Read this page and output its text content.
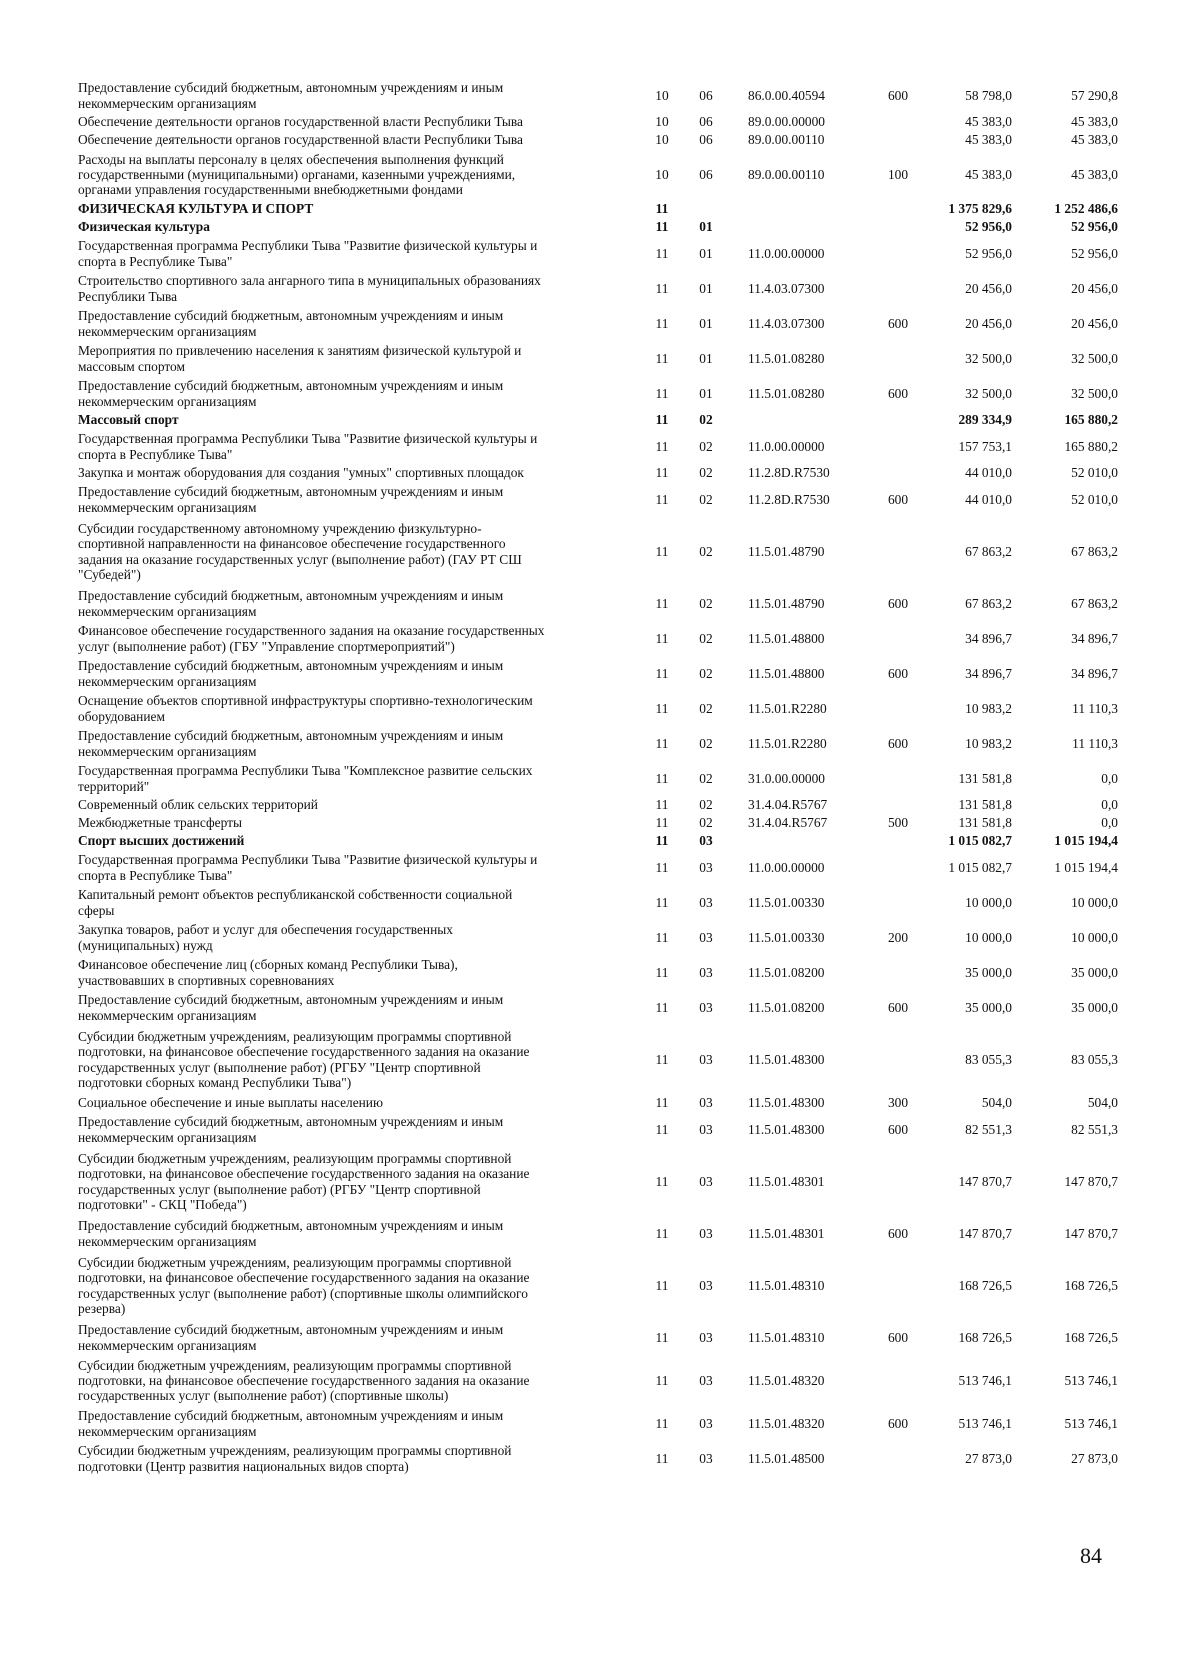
Предоставление субсидий бюджетным, автономным учреждениям и иным
некоммерческим организациям	10	06	86.0.00.40594	600	58 798,0	57 290,8
Обеспечение деятельности органов государственной власти Республики Тыва	10	06	89.0.00.00000		45 383,0	45 383,0
Обеспечение деятельности органов государственной власти Республики Тыва	10	06	89.0.00.00110		45 383,0	45 383,0
Расходы на выплаты персоналу в целях обеспечения выполнения функций
государственными (муниципальными) органами, казенными учреждениями,
органами управления государственными внебюджетными фондами	10	06	89.0.00.00110	100	45 383,0	45 383,0
ФИЗИЧЕСКАЯ КУЛЬТУРА И СПОРТ	11				1 375 829,6	1 252 486,6
Физическая культура	11	01			52 956,0	52 956,0
Государственная программа Республики Тыва "Развитие физической культуры и
спорта в Республике Тыва"	11	01	11.0.00.00000		52 956,0	52 956,0
Строительство спортивного зала ангарного типа в муниципальных образованиях
Республики Тыва	11	01	11.4.03.07300		20 456,0	20 456,0
Предоставление субсидий бюджетным, автономным учреждениям и иным
некоммерческим организациям	11	01	11.4.03.07300	600	20 456,0	20 456,0
Мероприятия по привлечению населения к занятиям физической культурой и
массовым спортом	11	01	11.5.01.08280		32 500,0	32 500,0
Предоставление субсидий бюджетным, автономным учреждениям и иным
некоммерческим организациям	11	01	11.5.01.08280	600	32 500,0	32 500,0
Массовый спорт	11	02			289 334,9	165 880,2
Государственная программа Республики Тыва "Развитие физической культуры и
спорта в Республике Тыва"	11	02	11.0.00.00000		157 753,1	165 880,2
Закупка и монтаж оборудования для создания "умных" спортивных площадок	11	02	11.2.8D.R7530		44 010,0	52 010,0
Предоставление субсидий бюджетным, автономным учреждениям и иным
некоммерческим организациям	11	02	11.2.8D.R7530	600	44 010,0	52 010,0
Субсидии государственному автономному учреждению физкультурно-
спортивной направленности на финансовое обеспечение государственного
задания на оказание государственных услуг (выполнение работ) (ГАУ РТ СШ
"Субедей")	11	02	11.5.01.48790		67 863,2	67 863,2
Предоставление субсидий бюджетным, автономным учреждениям и иным
некоммерческим организациям	11	02	11.5.01.48790	600	67 863,2	67 863,2
Финансовое обеспечение государственного задания на оказание государственных
услуг (выполнение работ) (ГБУ "Управление спортмероприятий")	11	02	11.5.01.48800		34 896,7	34 896,7
Предоставление субсидий бюджетным, автономным учреждениям и иным
некоммерческим организациям	11	02	11.5.01.48800	600	34 896,7	34 896,7
Оснащение объектов спортивной инфраструктуры спортивно-технологическим
оборудованием	11	02	11.5.01.R2280		10 983,2	11 110,3
Предоставление субсидий бюджетным, автономным учреждениям и иным
некоммерческим организациям	11	02	11.5.01.R2280	600	10 983,2	11 110,3
Государственная программа Республики Тыва "Комплексное развитие сельских
территорий"	11	02	31.0.00.00000		131 581,8	0,0
Современный облик сельских территорий	11	02	31.4.04.R5767		131 581,8	0,0
Межбюджетные трансферты	11	02	31.4.04.R5767	500	131 581,8	0,0
Спорт высших достижений	11	03			1 015 082,7	1 015 194,4
Государственная программа Республики Тыва "Развитие физической культуры и
спорта в Республике Тыва"	11	03	11.0.00.00000		1 015 082,7	1 015 194,4
Капитальный ремонт объектов республиканской собственности социальной
сферы	11	03	11.5.01.00330		10 000,0	10 000,0
Закупка товаров, работ и услуг для обеспечения государственных
(муниципальных) нужд	11	03	11.5.01.00330	200	10 000,0	10 000,0
Финансовое обеспечение лиц (сборных команд Республики Тыва),
участвовавших в спортивных соревнованиях	11	03	11.5.01.08200		35 000,0	35 000,0
Предоставление субсидий бюджетным, автономным учреждениям и иным
некоммерческим организациям	11	03	11.5.01.08200	600	35 000,0	35 000,0
Субсидии бюджетным учреждениям, реализующим программы спортивной
подготовки, на финансовое обеспечение государственного задания на оказание
государственных услуг (выполнение работ) (РГБУ "Центр спортивной
подготовки сборных команд Республики Тыва")	11	03	11.5.01.48300		83 055,3	83 055,3
Социальное обеспечение и иные выплаты населению	11	03	11.5.01.48300	300	504,0	504,0
Предоставление субсидий бюджетным, автономным учреждениям и иным
некоммерческим организациям	11	03	11.5.01.48300	600	82 551,3	82 551,3
Субсидии бюджетным учреждениям, реализующим программы спортивной
подготовки, на финансовое обеспечение государственного задания на оказание
государственных услуг (выполнение работ) (РГБУ "Центр спортивной
подготовки" - СКЦ "Победа")	11	03	11.5.01.48301		147 870,7	147 870,7
Предоставление субсидий бюджетным, автономным учреждениям и иным
некоммерческим организациям	11	03	11.5.01.48301	600	147 870,7	147 870,7
Субсидии бюджетным учреждениям, реализующим программы спортивной
подготовки, на финансовое обеспечение государственного задания на оказание
государственных услуг (выполнение работ) (спортивные школы олимпийского
резерва)	11	03	11.5.01.48310		168 726,5	168 726,5
Предоставление субсидий бюджетным, автономным учреждениям и иным
некоммерческим организациям	11	03	11.5.01.48310	600	168 726,5	168 726,5
Субсидии бюджетным учреждениям, реализующим программы спортивной
подготовки, на финансовое обеспечение государственного задания на оказание
государственных услуг (выполнение работ) (спортивные школы)	11	03	11.5.01.48320		513 746,1	513 746,1
Предоставление субсидий бюджетным, автономным учреждениям и иным
некоммерческим организациям	11	03	11.5.01.48320	600	513 746,1	513 746,1
Субсидии бюджетным учреждениям, реализующим программы спортивной
подготовки (Центр развития национальных видов спорта)	11	03	11.5.01.48500		27 873,0	27 873,0
84
